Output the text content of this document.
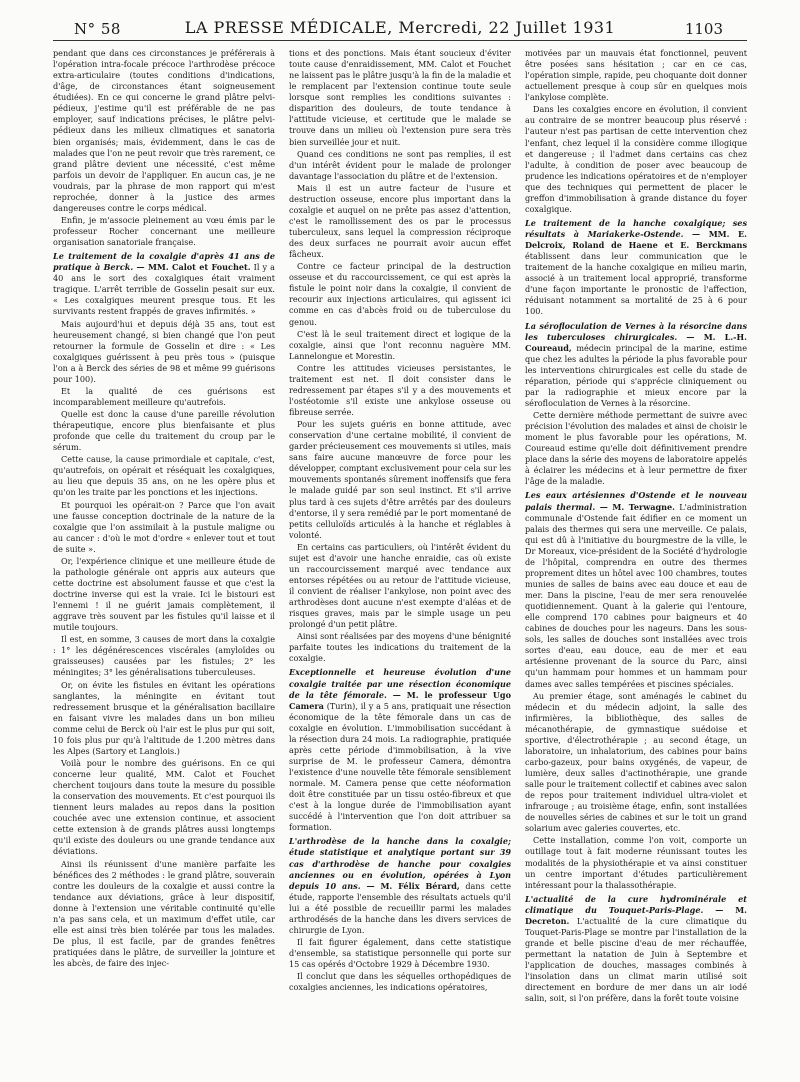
N° 58	LA PRESSE MÉDICALE, Mercredi, 22 Juillet 1931	1103

pendant que dans ces circonstances je préférerais à l'opération intra-focale précoce l'arthrodèse précoce extra-articulaire (toutes conditions d'indications, d'âge, de circonstances étant soigneusement étudiées). En ce qui concerne le grand plâtre pelvi-pédieux, j'estime qu'il est préférable de ne pas employer, sauf indications précises, le plâtre pelvi-pédieux dans les milieux climatiques et sanatoria bien organisés; mais, évidemment, dans le cas de malades que l'on ne peut revoir que très rarement, ce grand plâtre devient une nécessité, c'est même parfois un devoir de l'appliquer. En aucun cas, je ne voudrais, par la phrase de mon rapport qui m'est reprochée, donner à la justice des armes dangereuses contre le corps médical.

Enfin, je m'associe pleinement au vœu émis par le professeur Rocher concernant une meilleure organisation sanatoriale française.

Le traitement de la coxalgie d'après 41 ans de pratique à Berck. — MM. Calot et Fouchet. Il y a 40 ans le sort des coxalgiques était vraiment tragique. L'arrêt terrible de Gosselin pesait sur eux. « Les coxalgiques meurent presque tous. Et les survivants restent frappés de graves infirmités. »

Mais aujourd'hui et depuis déjà 35 ans, tout est heureusement changé, si bien changé que l'on peut retourner la formule de Gosselin et dire : « Les coxalgiques guérissent à peu près tous » (puisque l'on a à Berck des séries de 98 et même 99 guérisons pour 100).

Et la qualité de ces guérisons est incomparablement meilleure qu'autrefois.

Quelle est donc la cause d'une pareille révolution thérapeutique, encore plus bienfaisante et plus profonde que celle du traitement du croup par le sérum.

Cette cause, la cause primordiale et capitale, c'est, qu'autrefois, on opérait et réséquait les coxalgiques, au lieu que depuis 35 ans, on ne les opère plus et qu'on les traite par les ponctions et les injections.

Et pourquoi les opérait-on ? Parce que l'on avait une fausse conception doctrinale de la nature de la coxalgie que l'on assimilait à la pustule maligne ou au cancer : d'où le mot d'ordre « enlever tout et tout de suite ».

Or, l'expérience clinique et une meilleure étude de la pathologie générale ont appris aux auteurs que cette doctrine est absolument fausse et que c'est la doctrine inverse qui est la vraie. Ici le bistouri est l'ennemi ! il ne guérit jamais complètement, il aggrave très souvent par les fistules qu'il laisse et il mutile toujours.

Il est, en somme, 3 causes de mort dans la coxalgie : 1° les dégénérescences viscérales (amyloïdes ou graisseuses) causées par les fistules; 2° les méningites; 3° les généralisations tuberculeuses.

Or, on évite les fistules en évitant les opérations sanglantes, la méningite en évitant tout redressement brusque et la généralisation bacillaire en faisant vivre les malades dans un bon milieu comme celui de Berck où l'air est le plus pur qui soit, 10 fois plus pur qu'à l'altitude de 1.200 mètres dans les Alpes (Sartory et Langlois.)

Voilà pour le nombre des guérisons. En ce qui concerne leur qualité, MM. Calot et Fouchet cherchent toujours dans toute la mesure du possible la conservation des mouvements. Et c'est pourquoi ils tiennent leurs malades au repos dans la position couchée avec une extension continue, et associent cette extension à de grands plâtres aussi longtemps qu'il existe des douleurs ou une grande tendance aux déviations.

Ainsi ils réunissent d'une manière parfaite les bénéfices des 2 méthodes : le grand plâtre, souverain contre les douleurs de la coxalgie et aussi contre la tendance aux déviations, grâce à leur dispositif, donne à l'extension une véritable continuité qu'elle n'a pas sans cela, et un maximum d'effet utile, car elle est ainsi très bien tolérée par tous les malades. De plus, il est facile, par de grandes fenêtres pratiquées dans le plâtre, de surveiller la jointure et les abcès, de faire des injec-

tions et des ponctions. Mais étant soucieux d'éviter toute cause d'enraidissement, MM. Calot et Fouchet ne laissent pas le plâtre jusqu'à la fin de la maladie et le remplacent par l'extension continue toute seule lorsque sont remplies les conditions suivantes : disparition des douleurs, de toute tendance à l'attitude vicieuse, et certitude que le malade se trouve dans un milieu où l'extension pure sera très bien surveillée jour et nuit.

Quand ces conditions ne sont pas remplies, il est d'un intérêt évident pour le malade de prolonger davantage l'association du plâtre et de l'extension.

Mais il est un autre facteur de l'usure et destruction osseuse, encore plus important dans la coxalgie et auquel on ne prête pas assez d'attention, c'est le ramollissement des os par le processus tuberculeux, sans lequel la compression réciproque des deux surfaces ne pourrait avoir aucun effet fâcheux.

Contre ce facteur principal de la destruction osseuse et du raccourcissement, ce qui est après la fistule le point noir dans la coxalgie, il convient de recourir aux injections articulaires, qui agissent ici comme en cas d'abcès froid ou de tuberculose du genou.

C'est là le seul traitement direct et logique de la coxalgie, ainsi que l'ont reconnu naguère MM. Lannelongue et Morestin.

Contre les attitudes vicieuses persistantes, le traitement est net. Il doit consister dans le redressement par étapes s'il y a des mouvements et l'ostéotomie s'il existe une ankylose osseuse ou fibreuse serrée.

Pour les sujets guéris en bonne attitude, avec conservation d'une certaine mobilité, il convient de garder précieusement ces mouvements si utiles, mais sans faire aucune manœuvre de force pour les développer, comptant exclusivement pour cela sur les mouvements spontanés sûrement inoffensifs que fera le malade guidé par son seul instinct. Et s'il arrive plus tard à ces sujets d'être arrêtés par des douleurs d'entorse, il y sera remédié par le port momentané de petits celluloïds articulés à la hanche et réglables à volonté.

En certains cas particuliers, où l'intérêt évident du sujet est d'avoir une hanche enraidie, cas où existe un raccourcissement marqué avec tendance aux entorses répétées ou au retour de l'attitude vicieuse, il convient de réaliser l'ankylose, non point avec des arthrodèses dont aucune n'est exempte d'aléas et de risques graves, mais par le simple usage un peu prolongé d'un petit plâtre.

Ainsi sont réalisées par des moyens d'une bénignité parfaite toutes les indications du traitement de la coxalgie.

Exceptionnelle et heureuse évolution d'une coxalgie traitée par une résection économique de la tête fémorale. — M. le professeur Ugo Camera (Turin), il y a 5 ans, pratiquait une résection économique de la tête fémorale dans un cas de coxalgie en évolution. L'immobilisation succédant à la résection dura 24 mois. La radiographie, pratiquée après cette période d'immobilisation, à la vive surprise de M. le professeur Camera, démontra l'existence d'une nouvelle tête fémorale sensiblement normale. M. Camera pense que cette néoformation doit être constituée par un tissu ostéo-fibreux et que c'est à la longue durée de l'immobilisation ayant succédé à l'intervention que l'on doit attribuer sa formation.

L'arthrodèse de la hanche dans la coxalgie; étude statistique et analytique portant sur 39 cas d'arthrodèse de hanche pour coxalgies anciennes ou en évolution, opérées à Lyon depuis 10 ans. — M. Félix Bérard, dans cette étude, rapporte l'ensemble des résultats actuels qu'il lui a été possible de recueillir parmi les malades arthrodésés de la hanche dans les divers services de chirurgie de Lyon.

Il fait figurer également, dans cette statistique d'ensemble, sa statistique personnelle qui porte sur 15 cas opérés d'Octobre 1929 à Décembre 1930.

Il conclut que dans les séquelles orthopédiques de coxalgies anciennes, les indications opératoires,

motivées par un mauvais état fonctionnel, peuvent être posées sans hésitation ; car en ce cas, l'opération simple, rapide, peu choquante doit donner actuellement presque à coup sûr en quelques mois l'ankylose complète.

Dans les coxalgies encore en évolution, il convient au contraire de se montrer beaucoup plus réservé : l'auteur n'est pas partisan de cette intervention chez l'enfant, chez lequel il la considère comme illogique et dangereuse ; il l'admet dans certains cas chez l'adulte, à condition de poser avec beaucoup de prudence les indications opératoires et de n'employer que des techniques qui permettent de placer le greffon d'immobilisation à grande distance du foyer coxalgique.

Le traitement de la hanche coxalgique; ses résultats à Mariakerke-Ostende. — MM. E. Delcroix, Roland de Haene et E. Berckmans établissent dans leur communication que le traitement de la hanche coxalgique en milieu marin, associé à un traitement local approprié, transforme d'une façon importante le pronostic de l'affection, réduisant notamment sa mortalité de 25 à 6 pour 100.

La sérofloculation de Vernes à la résorcine dans les tuberculoses chirurgicales. — M. L.-H. Coureaud, médecin principal de la marine, estime que chez les adultes la période la plus favorable pour les interventions chirurgicales est celle du stade de réparation, période qui s'apprécie cliniquement ou par la radiographie et mieux encore par la sérofloculation de Vernes à la résorcine.

Cette dernière méthode permettant de suivre avec précision l'évolution des malades et ainsi de choisir le moment le plus favorable pour les opérations, M. Coureaud estime qu'elle doit définitivement prendre place dans la série des moyens de laboratoire appelés à éclairer les médecins et à leur permettre de fixer l'âge de la maladie.

Les eaux artésiennes d'Ostende et le nouveau palais thermal. — M. Terwagne. L'administration communale d'Ostende fait édifier en ce moment un palais des thermes qui sera une merveille. Ce palais, qui est dû à l'initiative du bourgmestre de la ville, le Dr Moreaux, vice-président de la Société d'hydrologie de l'hôpital, comprendra en outre des thermes proprement dites un hôtel avec 100 chambres, toutes munies de salles de bains avec eau douce et eau de mer. Dans la piscine, l'eau de mer sera renouvelée quotidiennement. Quant à la galerie qui l'entoure, elle comprend 170 cabines pour baigneurs et 40 cabines de douches pour les nageurs. Dans les sous-sols, les salles de douches sont installées avec trois sortes d'eau, eau douce, eau de mer et eau artésienne provenant de la source du Parc, ainsi qu'un hammam pour hommes et un hammam pour dames avec salles tempérées et piscines spéciales.

Au premier étage, sont aménagés le cabinet du médecin et du médecin adjoint, la salle des infirmières, la bibliothèque, des salles de mécanothérapie, de gymnastique suédoise et sportive, d'électrothérapie ; au second étage, un laboratoire, un inhalatorium, des cabines pour bains carbo-gazeux, pour bains oxygénés, de vapeur, de lumière, deux salles d'actinothérapie, une grande salle pour le traitement collectif et cabines avec salon de repos pour traitement individuel ultra-violet et infrarouge ; au troisième étage, enfin, sont installées de nouvelles séries de cabines et sur le toit un grand solarium avec galeries couvertes, etc.

Cette installation, comme l'on voit, comporte un outillage tout à fait moderne réunissant toutes les modalités de la physiothérapie et va ainsi constituer un centre important d'études particulièrement intéressant pour la thalassothérapie.

L'actualité de la cure hydrominérale et climatique du Touquet-Paris-Plage. — M. Decreton. L'actualité de la cure climatique du Touquet-Paris-Plage se montre par l'installation de la grande et belle piscine d'eau de mer réchauffée, permettant la natation de Juin à Septembre et l'application de douches, massages combinés à l'insolation dans un climat marin utilisé soit directement en bordure de mer dans un air iodé salin, soit, si l'on préfère, dans la forêt toute voisine
